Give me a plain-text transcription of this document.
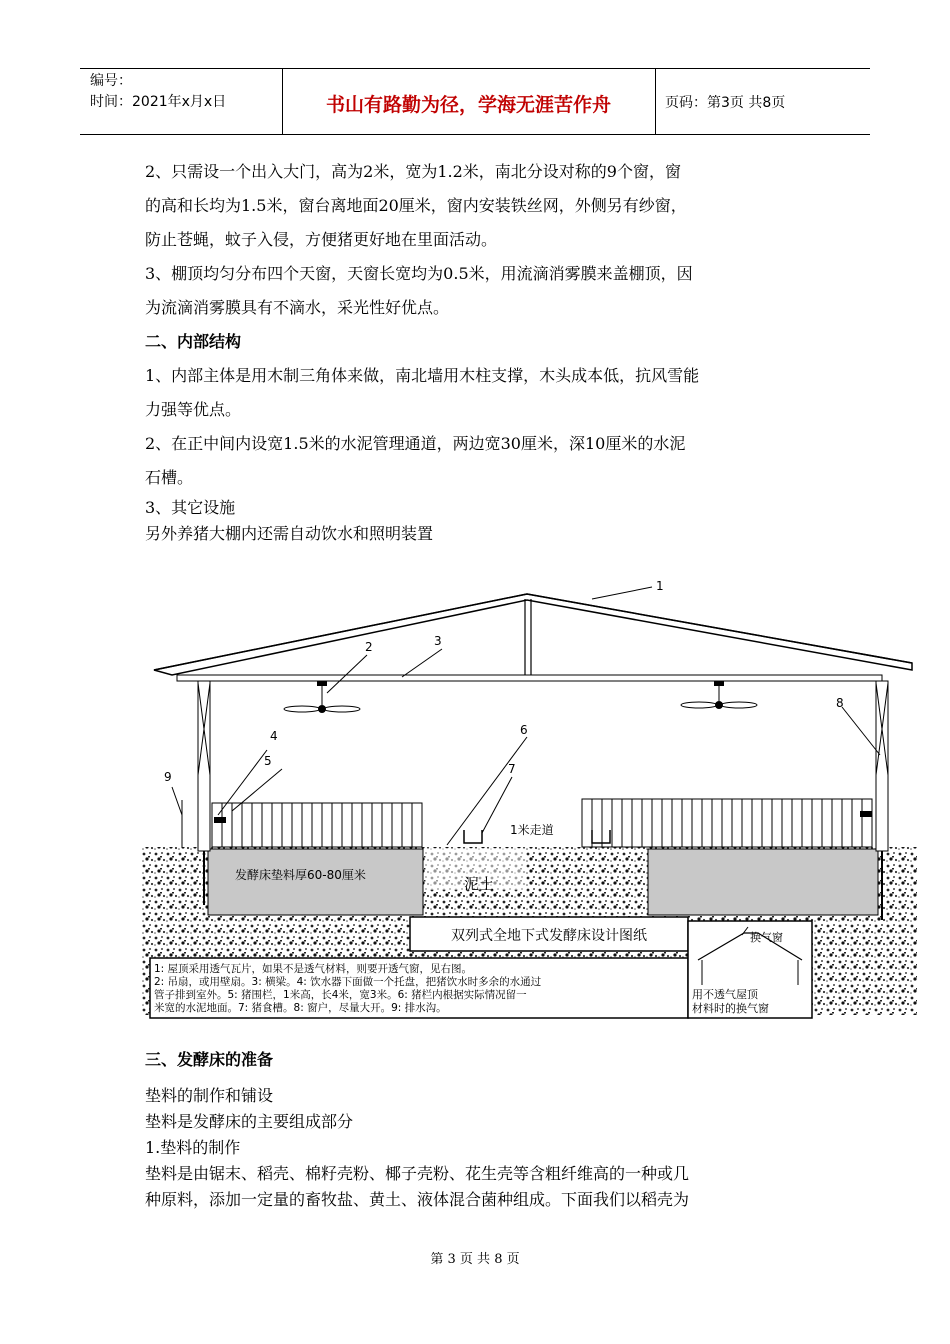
编号：
时间：2021年x月x日	书山有路勤为径，学海无涯苦作舟	页码：第3页 共8页

2、只需设一个出入大门，高为2米，宽为1.2米，南北分设对称的9个窗，窗

的高和长均为1.5米，窗台离地面20厘米，窗内安装铁丝网，外侧另有纱窗，

防止苍蝇，蚊子入侵，方便猪更好地在里面活动。

3、棚顶均匀分布四个天窗，天窗长宽均为0.5米，用流滴消雾膜来盖棚顶，因

为流滴消雾膜具有不滴水，采光性好优点。

二、内部结构

1、内部主体是用木制三角体来做，南北墙用木柱支撑，木头成本低，抗风雪能

力强等优点。

2、在正中间内设宽1.5米的水泥管理通道，两边宽30厘米，深10厘米的水泥

石槽。

3、其它设施

另外养猪大棚内还需自动饮水和照明装置

1
2	3
4
5
6
7
8
9
发酵床垫料厚60-80厘米	泥土
1米走道
双列式全地下式发酵床设计图纸
1: 屋顶采用透气瓦片，如果不是透气材料，则要开透气窗，见右图。
2: 吊扇，或用壁扇。3: 横梁。4: 饮水器下面做一个托盘，把猪饮水时多余的水通过
管子排到室外。5: 猪围栏，1米高，长4米，宽3米。6: 猪栏内根据实际情况留一
米宽的水泥地面。7: 猪食槽。8: 窗户，尽量大开。9: 排水沟。
换气窗
用不透气屋顶
材料时的换气窗

三、发酵床的准备

垫料的制作和铺设

垫料是发酵床的主要组成部分

1.垫料的制作

垫料是由锯末、稻壳、棉籽壳粉、椰子壳粉、花生壳等含粗纤维高的一种或几

种原料，添加一定量的畜牧盐、黄土、液体混合菌种组成。下面我们以稻壳为

第 3 页 共 8 页
